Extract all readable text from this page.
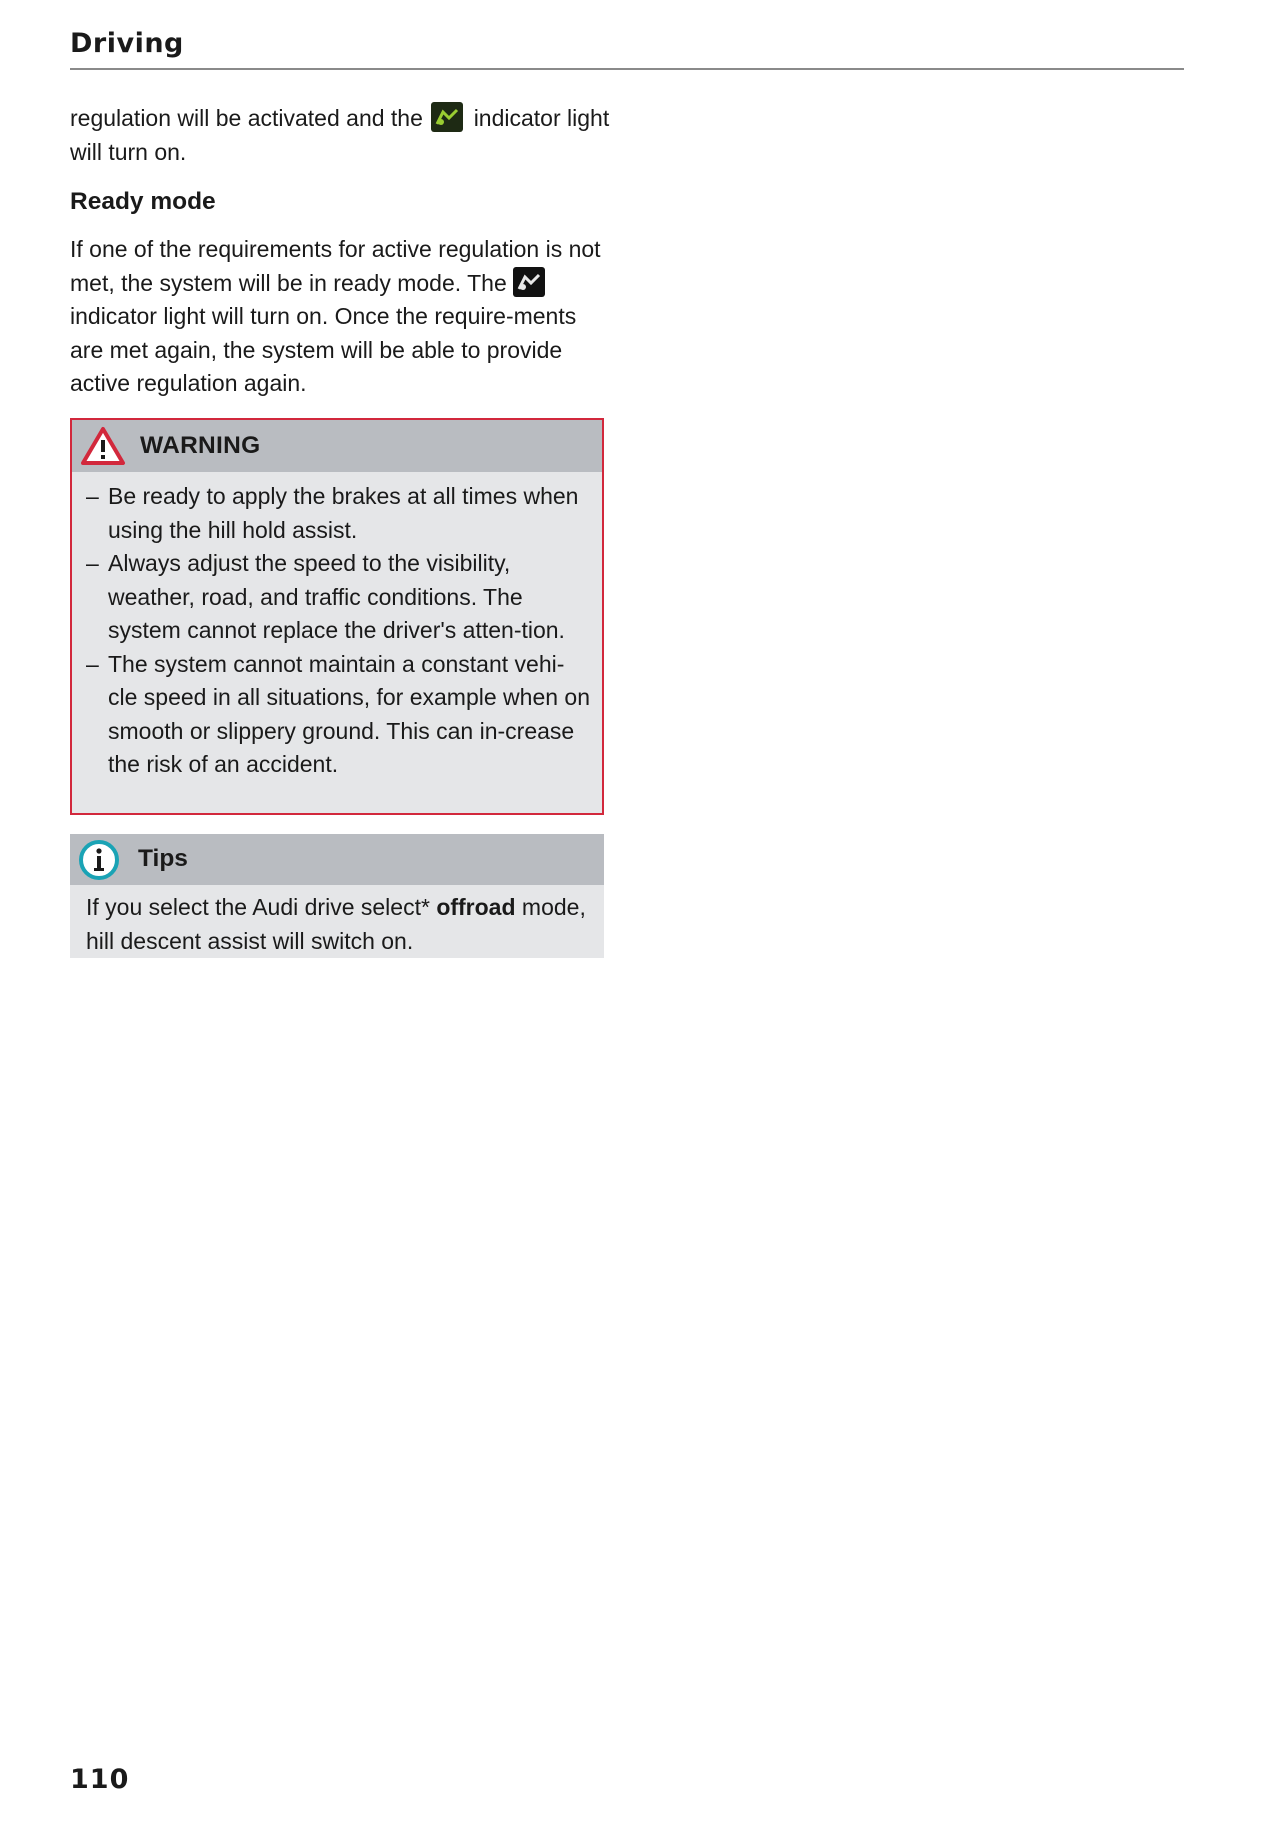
Driving
regulation will be activated and the indicator light will turn on.
Ready mode
If one of the requirements for active regulation is not met, the system will be in ready mode. The
indicator light will turn on. Once the require-ments are met again, the system will be able to provide active regulation again.
WARNING
– Be ready to apply the brakes at all times when using the hill hold assist.
– Always adjust the speed to the visibility, weather, road, and traffic conditions. The system cannot replace the driver's atten-tion.
– The system cannot maintain a constant vehi-cle speed in all situations, for example when on smooth or slippery ground. This can in-crease the risk of an accident.
Tips
If you select the Audi drive select* offroad mode, hill descent assist will switch on.
110
